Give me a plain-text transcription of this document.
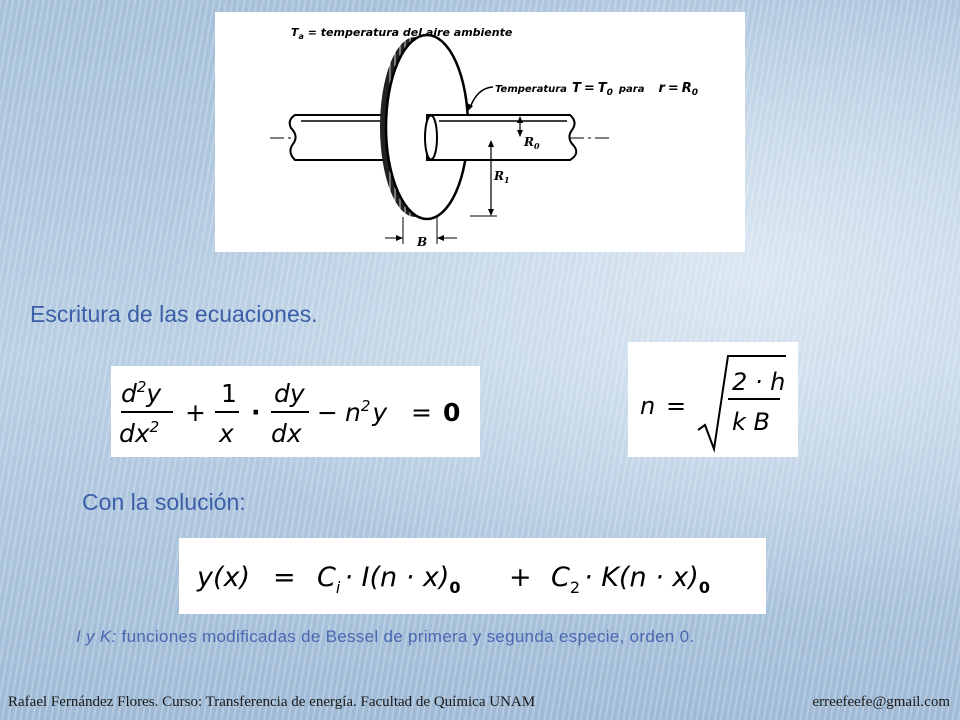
$T_a$ = temperatura del aire ambiente
Temperatura T = T0 para r = R0
$R_0$
$R_1$
B
Escritura de las ecuaciones.
$d^2y$
$dx^2$ +
1
x
·
dy
dx
− $n^2y = 0$	n =
2 · h
k B
Con la solución:
$y(x) = C_i \cdot I(n \cdot x)_0 + C_2 \cdot K(n \cdot x)_0$
I y K: funciones modificadas de Bessel de primera y segunda especie, orden 0.
Rafael Fernández Flores. Curso: Transferencia de energía. Facultad de Química UNAM	erreefeefe@gmail.com
